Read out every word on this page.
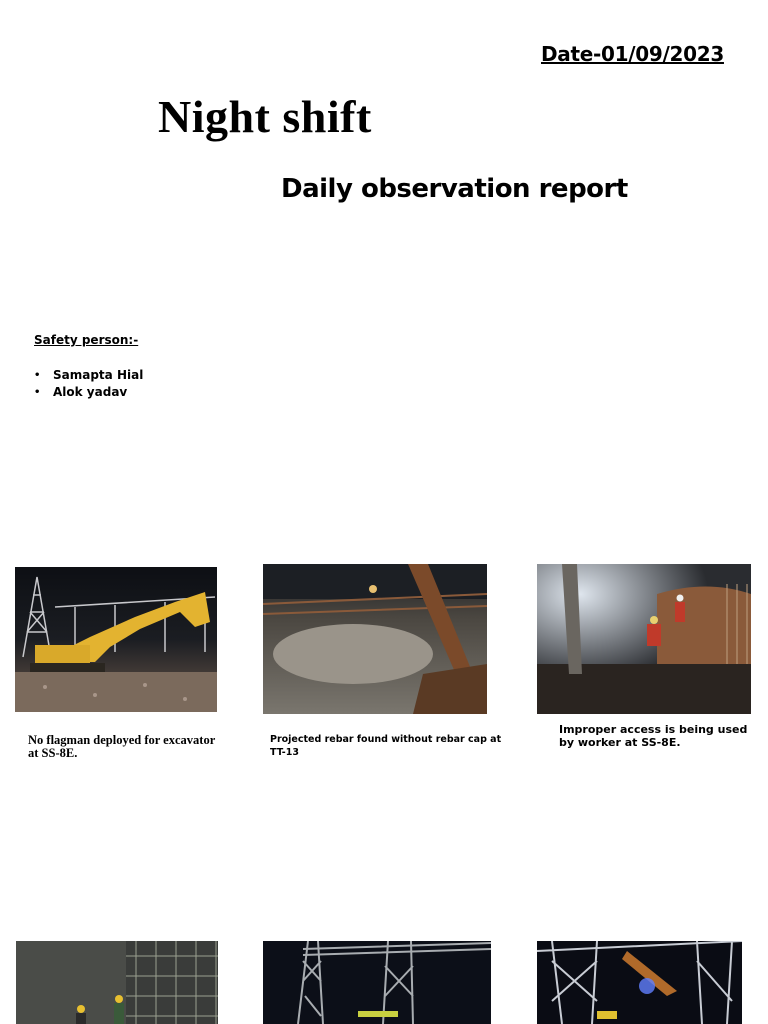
Date-01/09/2023
Night shift
Daily observation report
Safety person:-
• Samapta Hial
• Alok yadav
No flagman deployed for excavator at SS-8E.
Projected rebar found without rebar cap at TT-13
Improper access is being used by worker at SS-8E.
